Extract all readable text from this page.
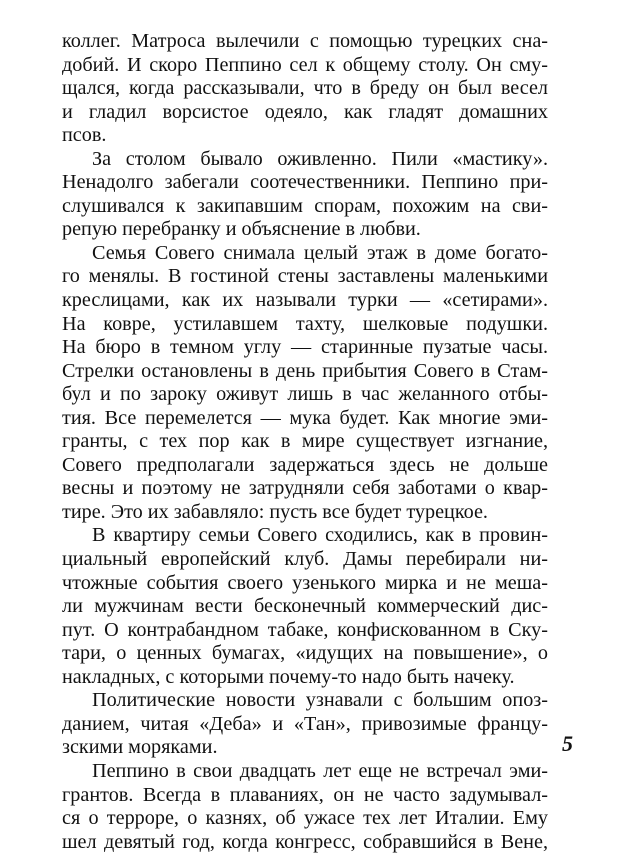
коллег. Матроса вылечили с помощью турецких сна-
добий. И скоро Пеппино сел к общему столу. Он сму-
щался, когда рассказывали, что в бреду он был весел
и гладил ворсистое одеяло, как гладят домашних
псов.
За столом бывало оживленно. Пили «мастику».
Ненадолго забегали соотечественники. Пеппино при-
слушивался к закипавшим спорам, похожим на сви-
репую перебранку и объяснение в любви.
Семья Совего снимала целый этаж в доме богато-
го менялы. В гостиной стены заставлены маленькими
креслицами, как их называли турки — «сетирами».
На ковре, устилавшем тахту, шелковые подушки.
На бюро в темном углу — старинные пузатые часы.
Стрелки остановлены в день прибытия Совего в Стам-
бул и по зароку оживут лишь в час желанного отбы-
тия. Все перемелется — мука будет. Как многие эми-
гранты, с тех пор как в мире существует изгнание,
Совего предполагали задержаться здесь не дольше
весны и поэтому не затрудняли себя заботами о квар-
тире. Это их забавляло: пусть все будет турецкое.
В квартиру семьи Совего сходились, как в провин-
циальный европейский клуб. Дамы перебирали ни-
чтожные события своего узенького мирка и не меша-
ли мужчинам вести бесконечный коммерческий дис-
пут. О контрабандном табаке, конфискованном в Ску-
тари, о ценных бумагах, «идущих на повышение», о
накладных, с которыми почему-то надо быть начеку.
Политические новости узнавали с большим опоз-
данием, читая «Деба» и «Тан», привозимые францу-
зскими моряками.
Пеппино в свои двадцать лет еще не встречал эми-
грантов. Всегда в плаваниях, он не часто задумывал-
ся о терроре, о казнях, об ужасе тех лет Италии. Ему
шел девятый год, когда конгресс, собравшийся в Вене,
5
